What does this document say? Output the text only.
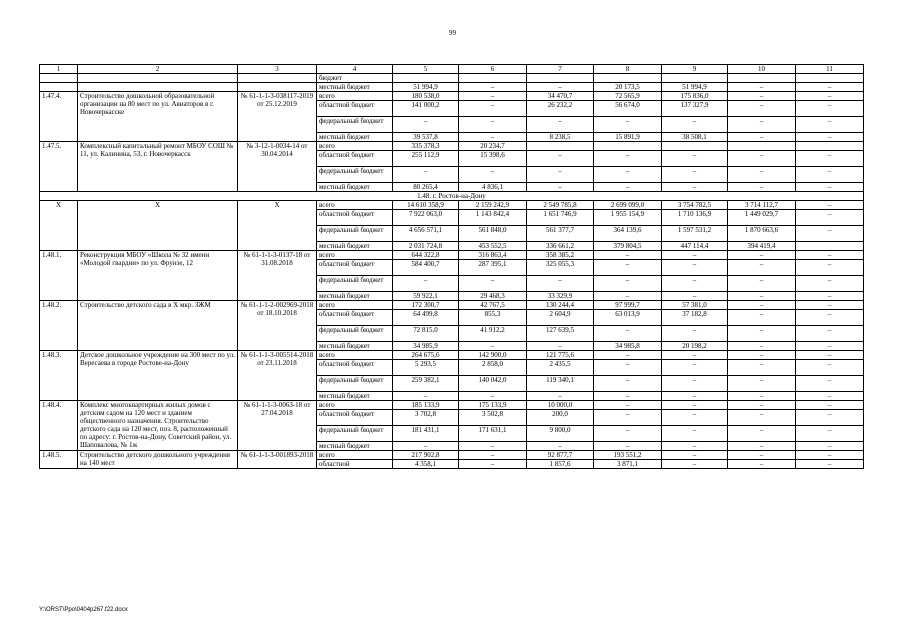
99
1	2	3	4	5	6	7	8	9	10	11
			бюджет							
			местный бюджет	51 994,9	–	–	20 173,5	51 994,9	–	–
1.47.4.	Строительство дошкольной образовательной организации на 80 мест по ул. Авиаторов в г. Новочеркасске	№ 61-1-1-3-038117-2019 от 25.12.2019	всего	180 538,0	–	34 470,7	72 565,9	175 836,0	–	–
			областной бюджет	141 000,2	–	26 232,2	56 674,0	137 327,9	–	–
			федеральный бюджет	–	–	–	–	–	–	–
			местный бюджет	39 537,8	–	8 238,5	15 891,9	38 508,1	–	–
1.47.5.	Комплексный капитальный ремонт МБОУ СОШ № 11, ул. Калинина, 53, г. Новочеркасск	№ 3-12-1-0034-14 от 30.04.2014	всего	335 378,3	20 234,7					
			областной бюджет	255 112,9	15 398,6	–	–	–	–	–
			федеральный бюджет	–	–	–	–	–	–	–
			местный бюджет	80 265,4	4 836,1	–	–	–	–	–
1.48. г. Ростов-на-Дону										
X	X	X	всего	14 610 358,9	2 159 242,9	2 549 785,8	2 699 099,0	3 754 782,5	3 714 112,7	–
			областной бюджет	7 922 063,0	1 143 842,4	1 651 746,9	1 955 154,9	1 710 136,9	1 449 029,7	–
			федеральный бюджет	4 656 571,1	561 848,0	561 377,7	364 139,6	1 597 531,2	1 870 663,6	–
			местный бюджет	2 031 724,8	453 552,5	336 661,2	379 804,5	447 114,4	394 419,4	
1.48.1.	Реконструкция МБОУ «Школа № 32 имени «Молодой гвардии» по ул. Фрунзе, 12	№ 61-1-1-3-0137-18 от 31.08.2018	всего	644 322,8	316 863,4	358 385,2	–	–	–	–
			областной бюджет	584 400,7	287 395,1	325 055,3	–	–	–	–
			федеральный бюджет	–	–	–	–	–	–	–
			местный бюджет	59 922,1	29 468,3	33 329,9	–	–	–	–
1.48.2.	Строительство детского сада в X мкр. ЗЖМ	№ 61-1-1-2-002969-2018 от 18.10.2018	всего	172 300,7	42 767,5	130 244,4	97 999,7	57 381,0	–	–
			областной бюджет	64 499,8	855,3	2 604,9	63 013,9	37 182,8	–	–
			федеральный бюджет	72 815,0	41 912,2	127 639,5	–	–	–	–
			местный бюджет	34 985,9	–	–	34 985,8	20 198,2	–	–
1.48.3.	Детское дошкольное учреждение на 300 мест по ул. Вересаева в городе Ростове-на-Дону	№ 61-1-1-3-005514-2018 от 23.11.2018	всего	264 675,6	142 900,0	121 775,6	–	–	–	–
			областной бюджет	5 293,5	2 858,0	2 435,5	–	–	–	–
			федеральный бюджет	259 382,1	140 042,0	119 340,1	–	–	–	–
			местный бюджет	–	–	–	–	–	–	–
1.48.4.	Комплекс многоквартирных жилых домов с детским садом на 120 мест и зданием общественного назначения. Строительство детского сада на 120 мест, поз. 8, расположенный по адресу: г. Ростов-на-Дону, Советский район, ул. Шаповалова, № 1ж	№ 61-1-1-3-0063-18 от 27.04.2018	всего	185 133,9	175 133,9	10 000,0	–	–	–	–
			областной бюджет	3 702,8	3 502,8	200,0	–	–	–	–
			федеральный бюджет	181 431,1	171 631,1	9 800,0	–	–	–	–
			местный бюджет	–	–	–	–	–	–	–
1.48.5.	Строительство детского дошкольного учреждения на 140 мест	№ 61-1-1-3-001893-2018	всего	217 902,8	–	92 877,7	193 551,2	–	–	–
			областной	4 358,1	–	1 857,6	3 871,1	–	–	–
Y:\ORST\Ppo\0404p267.f22.docx
